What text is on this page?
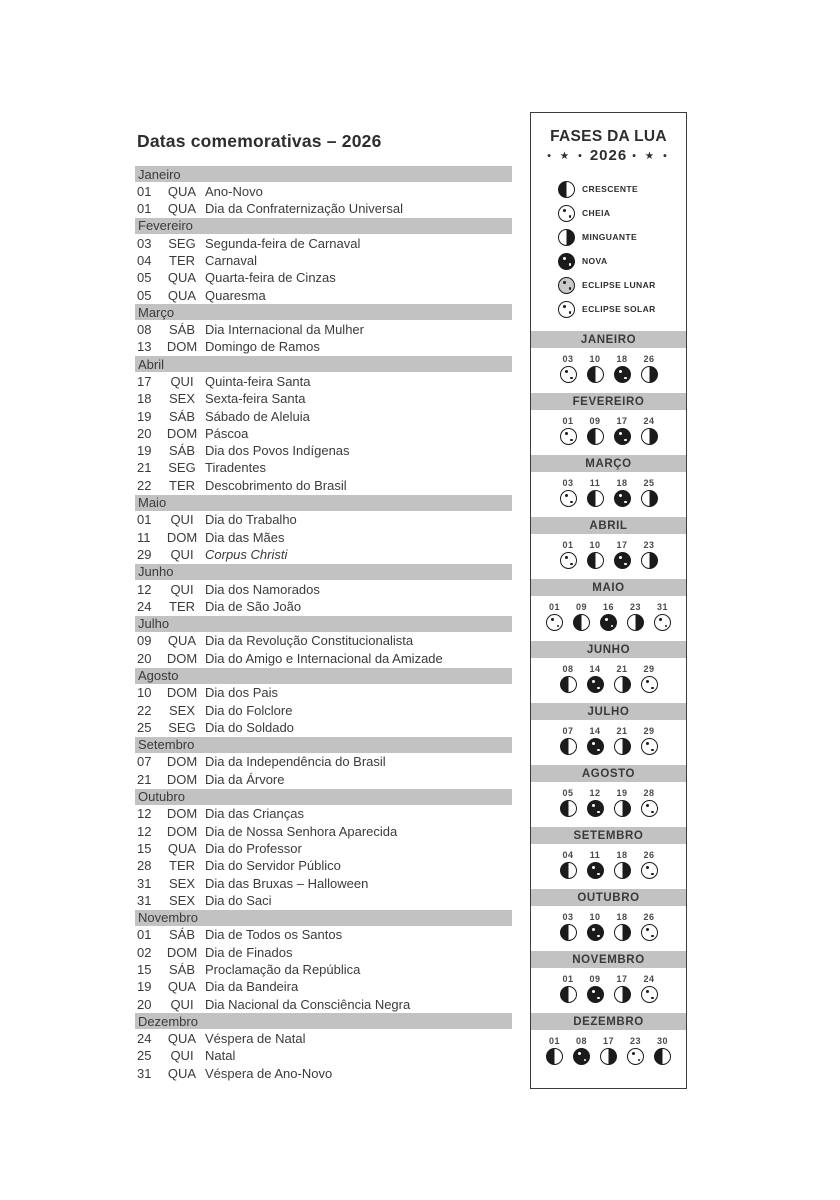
Datas comemorativas – 2026
Janeiro
01	QUA Ano-Novo
01	QUA Dia da Confraternização Universal
Fevereiro
03	SEG Segunda-feira de Carnaval
04	TER Carnaval
05	QUA Quarta-feira de Cinzas
05	QUA Quaresma
Março
08	SÁB Dia Internacional da Mulher
13	DOM Domingo de Ramos
Abril
17	QUI Quinta-feira Santa
18	SEX Sexta-feira Santa
19	SÁB Sábado de Aleluia
20	DOM Páscoa
19	SÁB Dia dos Povos Indígenas
21	SEG Tiradentes
22	TER Descobrimento do Brasil
Maio
01	QUI Dia do Trabalho
11	DOM Dia das Mães
29	QUI Corpus Christi
Junho
12	QUI Dia dos Namorados
24	TER Dia de São João
Julho
09	QUA Dia da Revolução Constitucionalista
20	DOM Dia do Amigo e Internacional da Amizade
Agosto
10	DOM Dia dos Pais
22	SEX Dia do Folclore
25	SEG Dia do Soldado
Setembro
07	DOM Dia da Independência do Brasil
21	DOM Dia da Árvore
Outubro
12	DOM Dia das Crianças
12	DOM Dia de Nossa Senhora Aparecida
15	QUA Dia do Professor
28	TER Dia do Servidor Público
31	SEX Dia das Bruxas – Halloween
31	SEX Dia do Saci
Novembro
01	SÁB Dia de Todos os Santos
02	DOM Dia de Finados
15	SÁB Proclamação da República
19	QUA Dia da Bandeira
20	QUI Dia Nacional da Consciência Negra
Dezembro
24	QUA Véspera de Natal
25	QUI Natal
31	QUA Véspera de Ano-Novo
FASES DA LUA
• ★ • 2026 • ★ •
CRESCENTE
CHEIA
MINGUANTE
NOVA
ECLIPSE LUNAR
ECLIPSE SOLAR
JANEIRO
03 10 18 26
FEVEREIRO
01 09 17 24
MARÇO
03 11 18 25
ABRIL
01 10 17 23
MAIO
01 09 16 23 31
JUNHO
08 14 21 29
JULHO
07 14 21 29
AGOSTO
05 12 19 28
SETEMBRO
04 11 18 26
OUTUBRO
03 10 18 26
NOVEMBRO
01 09 17 24
DEZEMBRO
01 08 17 23 30
